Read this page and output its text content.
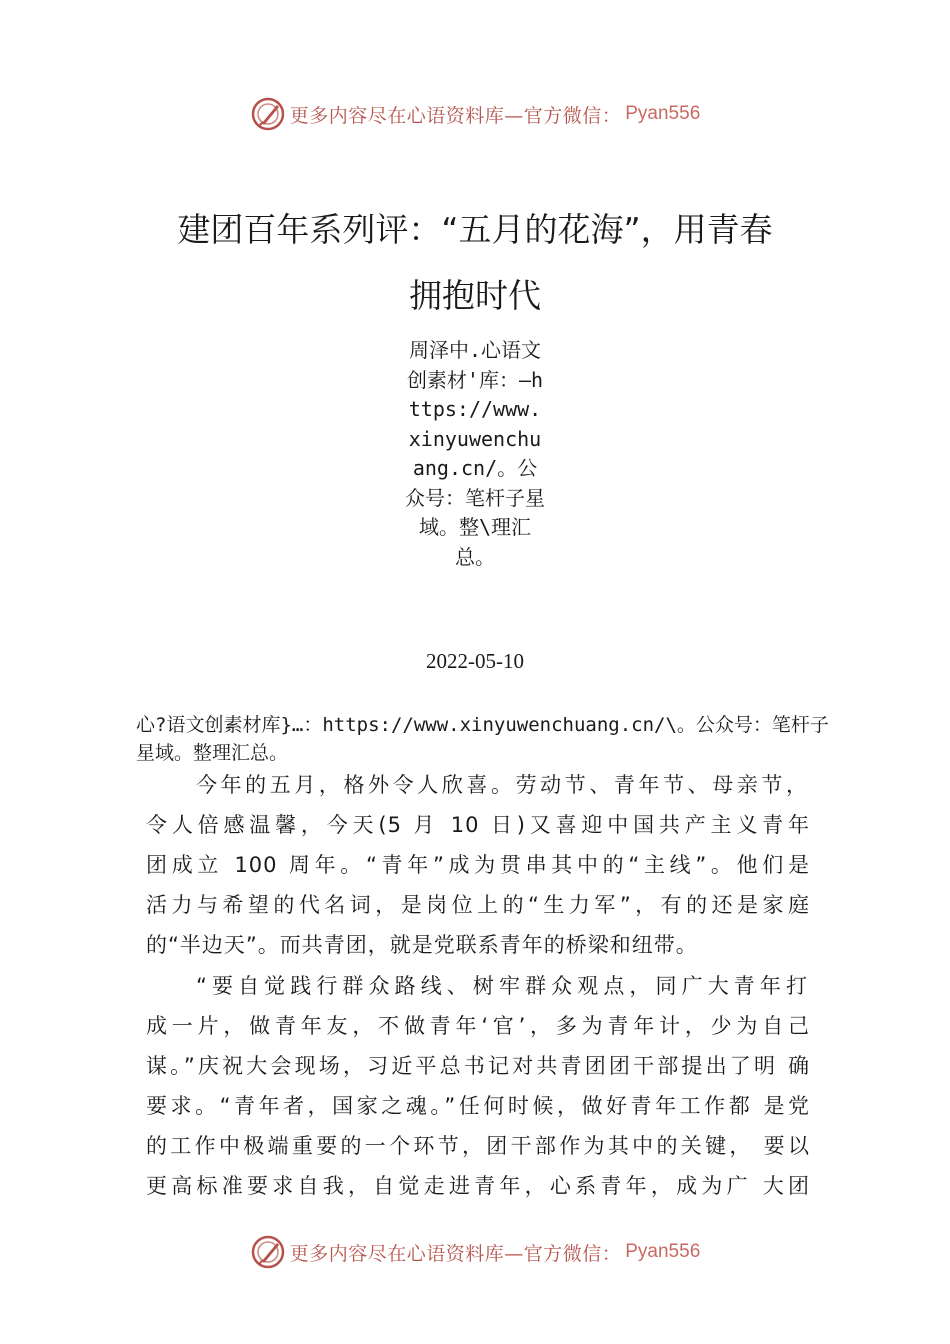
更多内容尽在心语资料库—官方微信： Pyan556
建团百年系列评：“五月的花海”，用青春
拥抱时代
周泽中.心语文创素材'库：—https://www.xinyuwenchuang.cn/。公众号：笔杆子星域。整\理汇总。
2022-05-10
心?语文创素材库}…：https://www.xinyuwenchuang.cn/\。公众号：笔杆子星域。整理汇总。
今年的五月，格外令人欣喜。劳动节、青年节、母亲节，
令人倍感温馨，今天(5 月 10 日)又喜迎中国共产主义青年
团成立 100 周年。“青年”成为贯串其中的“主线”。他们是
活力与希望的代名词，是岗位上的“生力军”，有的还是家庭
的“半边天”。而共青团，就是党联系青年的桥梁和纽带。
“要自觉践行群众路线、树牢群众观点，同广大青年打
成一片，做青年友，不做青年‘官’，多为青年计，少为自己
谋。”庆祝大会现场，习近平总书记对共青团团干部提出了明 确
要求。“青年者，国家之魂。”任何时候，做好青年工作都 是党
的工作中极端重要的一个环节，团干部作为其中的关键， 要以
更高标准要求自我，自觉走进青年，心系青年，成为广 大团
更多内容尽在心语资料库—官方微信： Pyan556
